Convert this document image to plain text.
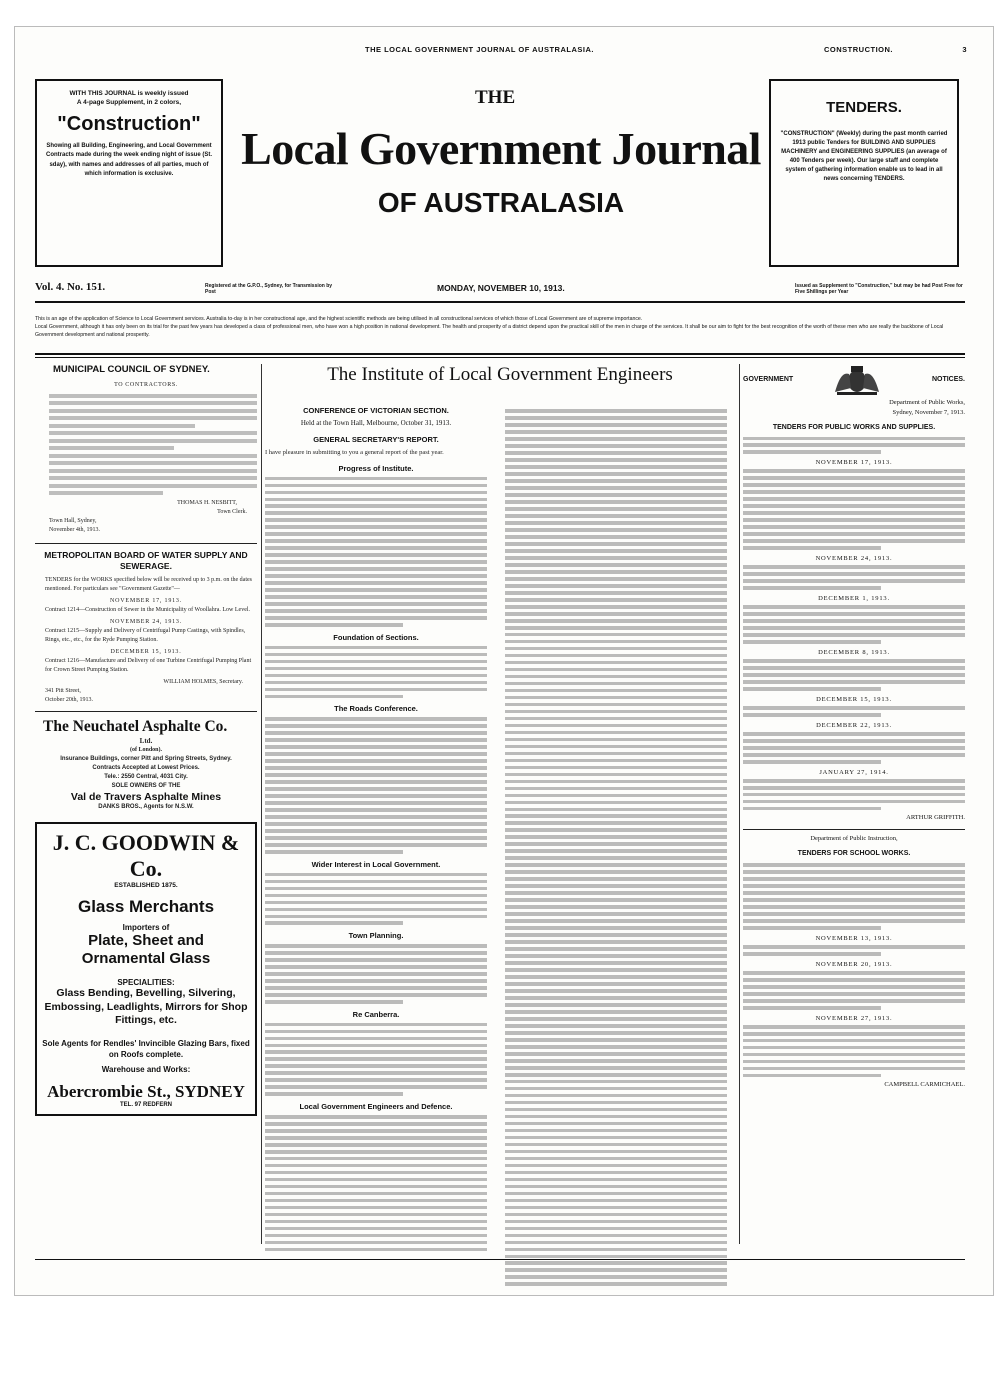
THE LOCAL GOVERNMENT JOURNAL OF AUSTRALASIA.	CONSTRUCTION.	3
WITH THIS JOURNAL is weekly issued
A 4-page Supplement, in 2 colors,
"Construction"
Showing all Building, Engineering, and Local Government Contracts made during the week ending night of issue (St. sday), with names and addresses of all parties, much of which information is exclusive.
THE
Local Government Journal
OF AUSTRALASIA
TENDERS.
"CONSTRUCTION" (Weekly) during the past month carried 1913 public Tenders for BUILDING AND SUPPLIES MACHINERY and ENGINEERING SUPPLIES (an average of 400 Tenders per week). Our large staff and complete system of gathering information enable us to lead in all news concerning TENDERS.
Vol. 4. No. 151.	Registered at the G.P.O., Sydney, for Transmission by Post	MONDAY, NOVEMBER 10, 1913.	Issued as Supplement to "Construction," but may be had Post Free for Five Shillings per Year
This is an age of the application of Science to Local Government services. Australia to-day is in her constructional age, and the highest scientific methods are being utilised in all constructional services of which those of Local Government are of supreme importance.
Local Government, although it has only been on its trial for the past few years has developed a class of professional men, who have won a high position in national development. The health and prosperity of a district depend upon the practical skill of the men in charge of the services. It shall be our aim to fight for the best recognition of the worth of these men who are really the backbone of Local Government development and national prosperity.
MUNICIPAL COUNCIL OF SYDNEY.
TO CONTRACTORS.
THOMAS H. NESBITT,
Town Clerk.
Town Hall, Sydney,
November 4th, 1913.
METROPOLITAN BOARD OF WATER SUPPLY AND SEWERAGE.
TENDERS for the WORKS specified below will be received up to 3 p.m. on the dates mentioned. For particulars see "Government Gazette"—
NOVEMBER 17, 1913.
Contract 1214—Construction of Sewer in the Municipality of Woollahra. Low Level.
NOVEMBER 24, 1913.
Contract 1215—Supply and Delivery of Centrifugal Pump Castings, with Spindles, Rings, etc., etc., for the Ryde Pumping Station.
DECEMBER 15, 1913.
Contract 1216—Manufacture and Delivery of one Turbine Centrifugal Pumping Plant for Crown Street Pumping Station.
WILLIAM HOLMES, Secretary.
341 Pitt Street,
October 20th, 1913.
The Neuchatel Asphalte Co.
Ltd.
(of London).
Insurance Buildings, corner Pitt and Spring Streets, Sydney.
Contracts Accepted at Lowest Prices.
Tele.: 2550 Central, 4031 City.
SOLE OWNERS OF THE
Val de Travers Asphalte Mines
DANKS BROS., Agents for N.S.W.
J. C. GOODWIN & Co.
ESTABLISHED 1875.
Glass Merchants
Importers of
Plate, Sheet and
Ornamental Glass
SPECIALITIES:
Glass Bending, Bevelling, Silvering, Embossing, Leadlights, Mirrors for Shop Fittings, etc.
Sole Agents for Rendles' Invincible Glazing Bars, fixed on Roofs complete.
Warehouse and Works:
Abercrombie St., SYDNEY
TEL. 97 REDFERN
The Institute of Local Government Engineers
CONFERENCE OF VICTORIAN SECTION.
Held at the Town Hall, Melbourne, October 31, 1913.
GENERAL SECRETARY'S REPORT.
I have pleasure in submitting to you a general report of the past year.
Progress of Institute.
Foundation of Sections.
The Roads Conference.
Wider Interest in Local Government.
Town Planning.
Re Canberra.
Local Government Engineers and Defence.
GOVERNMENT	NOTICES.
Department of Public Works,
Sydney, November 7, 1913.
TENDERS FOR PUBLIC WORKS AND SUPPLIES.
NOVEMBER 17, 1913.
NOVEMBER 24, 1913.
DECEMBER 1, 1913.
DECEMBER 8, 1913.
DECEMBER 15, 1913.
DECEMBER 22, 1913.
JANUARY 27, 1914.
ARTHUR GRIFFITH.
Department of Public Instruction,
TENDERS FOR SCHOOL WORKS.
NOVEMBER 13, 1913.
NOVEMBER 20, 1913.
NOVEMBER 27, 1913.
CAMPBELL CARMICHAEL.
